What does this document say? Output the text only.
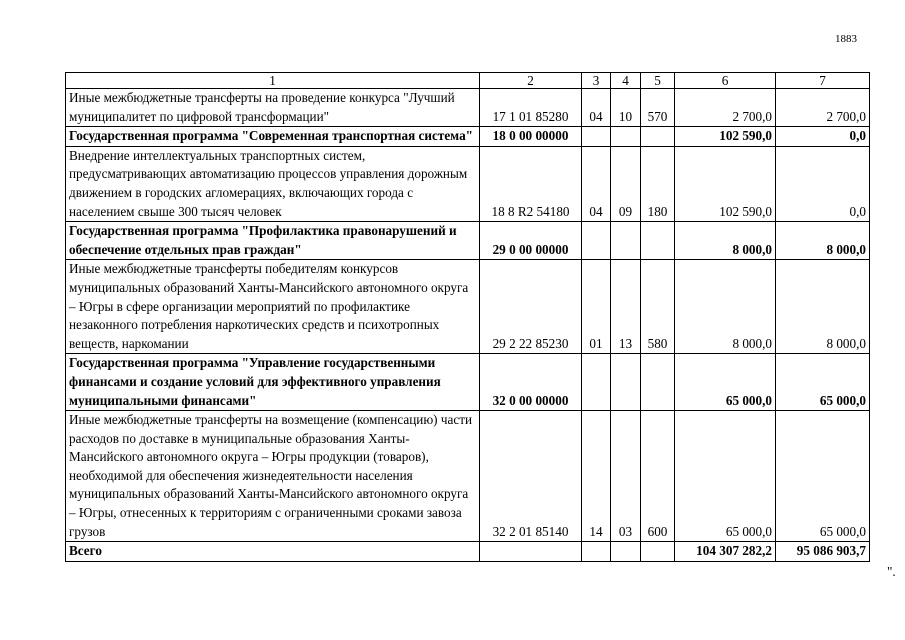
1883
1	2	3	4	5	6	7
Иные межбюджетные трансферты на проведение конкурса "Лучший муниципалитет по цифровой трансформации"	17 1 01 85280	04	10	570	2 700,0	2 700,0
Государственная программа "Современная транспортная система"	18 0 00 00000				102 590,0	0,0
Внедрение интеллектуальных транспортных систем, предусматривающих автоматизацию процессов управления дорожным движением в городских агломерациях, включающих города с населением свыше 300 тысяч человек	18 8 R2 54180	04	09	180	102 590,0	0,0
Государственная программа "Профилактика правонарушений и обеспечение отдельных прав граждан"	29 0 00 00000				8 000,0	8 000,0
Иные межбюджетные трансферты победителям конкурсов муниципальных образований Ханты-Мансийского автономного округа – Югры в сфере организации мероприятий по профилактике незаконного потребления наркотических средств и психотропных веществ, наркомании	29 2 22 85230	01	13	580	8 000,0	8 000,0
Государственная программа "Управление государственными финансами и создание условий для эффективного управления муниципальными финансами"	32 0 00 00000				65 000,0	65 000,0
Иные межбюджетные трансферты на возмещение (компенсацию) части расходов по доставке в муниципальные образования Ханты-Мансийского автономного округа – Югры продукции (товаров), необходимой для обеспечения жизнедеятельности населения муниципальных образований Ханты-Мансийского автономного округа – Югры, отнесенных к территориям с ограниченными сроками завоза грузов	32 2 01 85140	14	03	600	65 000,0	65 000,0
Всего					104 307 282,2	95 086 903,7
".
